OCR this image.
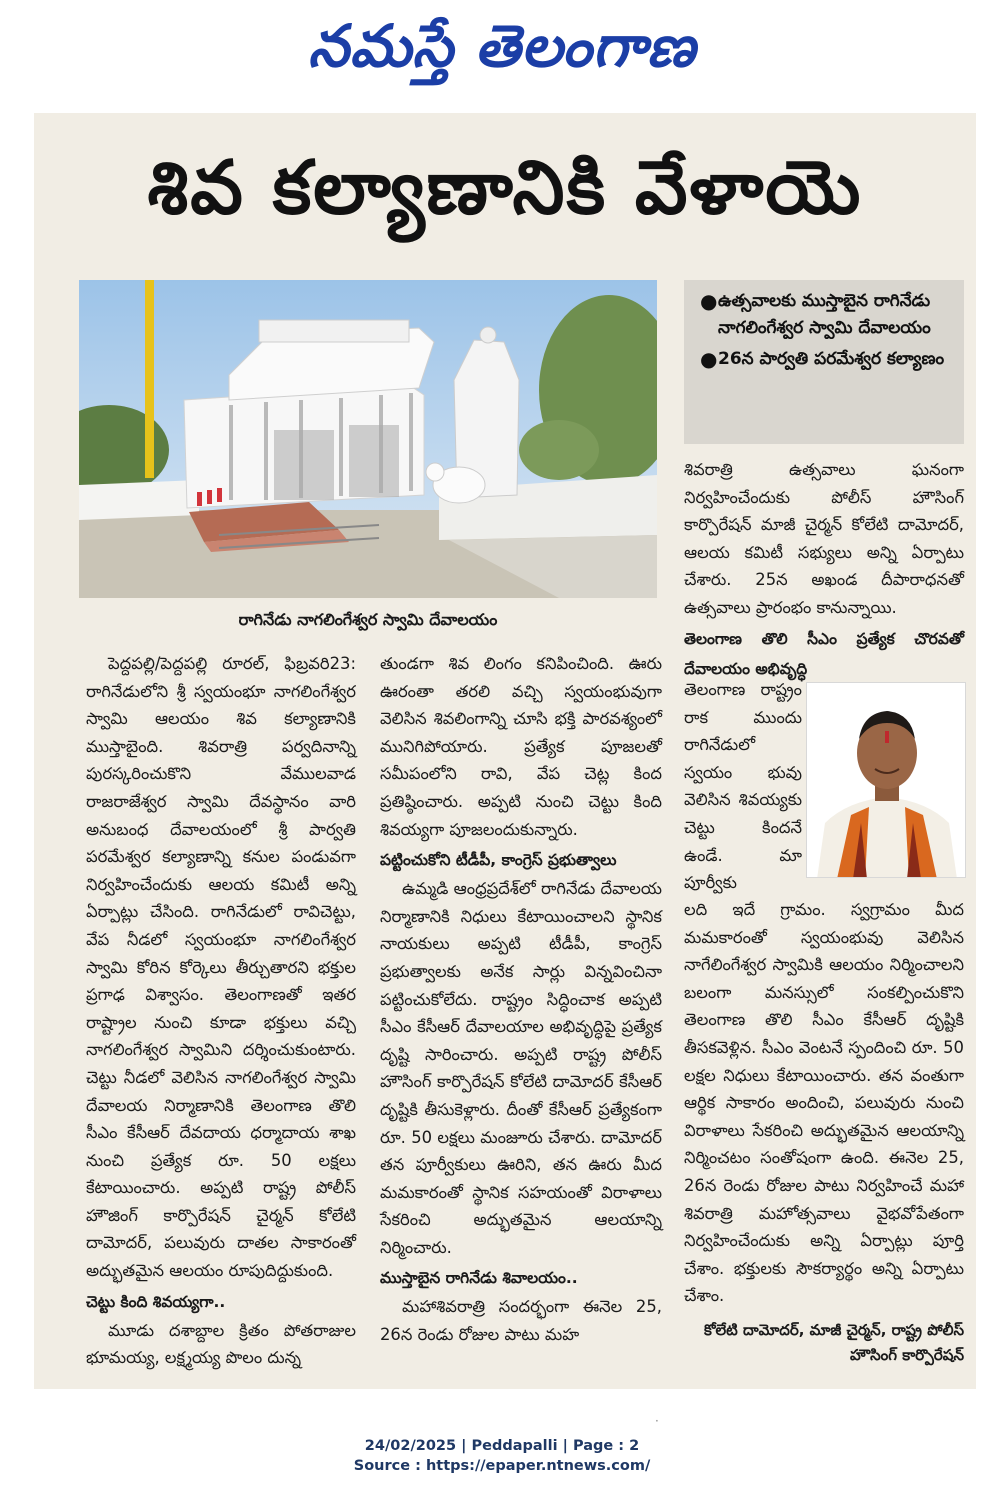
నమస్తే తెలంగాణ
శివ కల్యాణానికి వేళాయె
రాగినేడు నాగలింగేశ్వర స్వామి దేవాలయం
● ఉత్సవాలకు ముస్తాబైన రాగినేడు నాగలింగేశ్వర స్వామి దేవాలయం
● 26న పార్వతి పరమేశ్వర కల్యాణం

పెద్దపల్లి/పెద్దపల్లి రూరల్, ఫిబ్రవరి23: రాగినేడులోని శ్రీ స్వయంభూ నాగలింగేశ్వర స్వామి ఆలయం శివ కల్యాణానికి ముస్తాబైంది. శివరాత్రి పర్వదినాన్ని పురస్కరించుకొని వేములవాడ రాజరాజేశ్వర స్వామి దేవస్థానం వారి అనుబంధ దేవాలయంలో శ్రీ పార్వతి పరమేశ్వర కల్యాణాన్ని కనుల పండువగా నిర్వహించేందుకు ఆలయ కమిటీ అన్ని ఏర్పాట్లు చేసింది. రాగినేడులో రావిచెట్టు, వేప నీడలో స్వయంభూ నాగలింగేశ్వర స్వామి కోరిన కోర్కెలు తీర్చుతారని భక్తుల ప్రగాఢ విశ్వాసం. తెలంగాణతో ఇతర రాష్ట్రాల నుంచి కూడా భక్తులు వచ్చి నాగలింగేశ్వర స్వామిని దర్శించుకుంటారు. చెట్టు నీడలో వెలిసిన నాగలింగేశ్వర స్వామి దేవాలయ నిర్మాణానికి తెలంగాణ తొలి సీఎం కేసీఆర్ దేవదాయ ధర్మాదాయ శాఖ నుంచి ప్రత్యేక రూ. 50 లక్షలు కేటాయించారు. అప్పటి రాష్ట్ర పోలీస్ హౌజింగ్ కార్పొరేషన్ చైర్మన్ కోలేటి దామోదర్, పలువురు దాతల సాకారంతో అద్భుతమైన ఆలయం రూపుదిద్దుకుంది.

చెట్టు కింది శివయ్యగా..

మూడు దశాబ్దాల క్రితం పోతరాజుల భూమయ్య, లక్ష్మయ్య పొలం దున్న

తుండగా శివ లింగం కనిపించింది. ఊరు ఊరంతా తరలి వచ్చి స్వయంభువుగా వెలిసిన శివలింగాన్ని చూసి భక్తి పారవశ్యంలో మునిగిపోయారు. ప్రత్యేక పూజలతో సమీపంలోని రావి, వేప చెట్ల కింద ప్రతిష్ఠించారు. అప్పటి నుంచి చెట్టు కింది శివయ్యగా పూజలందుకున్నారు.

పట్టించుకోని టీడీపీ, కాంగ్రెస్ ప్రభుత్వాలు

ఉమ్మడి ఆంధ్రప్రదేశ్‌లో రాగినేడు దేవాలయ నిర్మాణానికి నిధులు కేటాయించాలని స్థానిక నాయకులు అప్పటి టీడీపీ, కాంగ్రెస్ ప్రభుత్వాలకు అనేక సార్లు విన్నవించినా పట్టించుకోలేదు. రాష్ట్రం సిద్ధించాక అప్పటి సీఎం కేసీఆర్ దేవాలయాల అభివృద్ధిపై ప్రత్యేక దృష్టి సారించారు. అప్పటి రాష్ట్ర పోలీస్ హౌసింగ్ కార్పొరేషన్ కోలేటి దామోదర్ కేసీఆర్ దృష్టికి తీసుకెళ్లారు. దీంతో కేసీఆర్ ప్రత్యేకంగా రూ. 50 లక్షలు మంజూరు చేశారు. దామోదర్ తన పూర్వీకులు ఊరిని, తన ఊరు మీద మమకారంతో స్థానిక సహయంతో విరాళాలు సేకరించి అద్భుతమైన ఆలయాన్ని నిర్మించారు.

ముస్తాబైన రాగినేడు శివాలయం..

మహాశివరాత్రి సందర్భంగా ఈనెల 25, 26న రెండు రోజుల పాటు మహ

శివరాత్రి ఉత్సవాలు ఘనంగా నిర్వహించేందుకు పోలీస్ హౌసింగ్ కార్పొరేషన్ మాజీ చైర్మన్ కోలేటి దామోదర్, ఆలయ కమిటీ సభ్యులు అన్ని ఏర్పాటు చేశారు. 25న అఖండ దీపారాధనతో ఉత్సవాలు ప్రారంభం కానున్నాయి.

తెలంగాణ తొలి సీఎం ప్రత్యేక చొరవతో దేవాలయం అభివృద్ధి
తెలంగాణ రాష్ట్రం రాక ముందు రాగినేడులో స్వయం భువు వెలిసిన శివయ్యకు చెట్టు కిందనే ఉండే. మా పూర్వీకు

లది ఇదే గ్రామం. స్వగ్రామం మీద మమకారంతో స్వయంభువు వెలిసిన నాగేలింగేశ్వర స్వామికి ఆలయం నిర్మించాలని బలంగా మనస్సులో సంకల్పించుకొని తెలంగాణ తొలి సీఎం కేసీఆర్ దృష్టికి తీసకవెళ్లిన. సీఎం వెంటనే స్పందించి రూ. 50 లక్షల నిధులు కేటాయించారు. తన వంతుగా ఆర్థిక సాకారం అందించి, పలువురు నుంచి విరాళాలు సేకరించి అద్భుతమైన ఆలయాన్ని నిర్మించటం సంతోషంగా ఉంది. ఈనెల 25, 26న రెండు రోజుల పాటు నిర్వహించే మహా శివరాత్రి మహోత్సవాలు వైభవోపేతంగా నిర్వహించేందుకు అన్ని ఏర్పాట్లు పూర్తి చేశాం. భక్తులకు సౌకర్యార్థం అన్ని ఏర్పాటు చేశాం.

కోలేటి దామోదర్, మాజీ చైర్మన్, రాష్ట్ర పోలీస్ హౌసింగ్ కార్పొరేషన్
·
24/02/2025 | Peddapalli | Page : 2
Source : https://epaper.ntnews.com/
